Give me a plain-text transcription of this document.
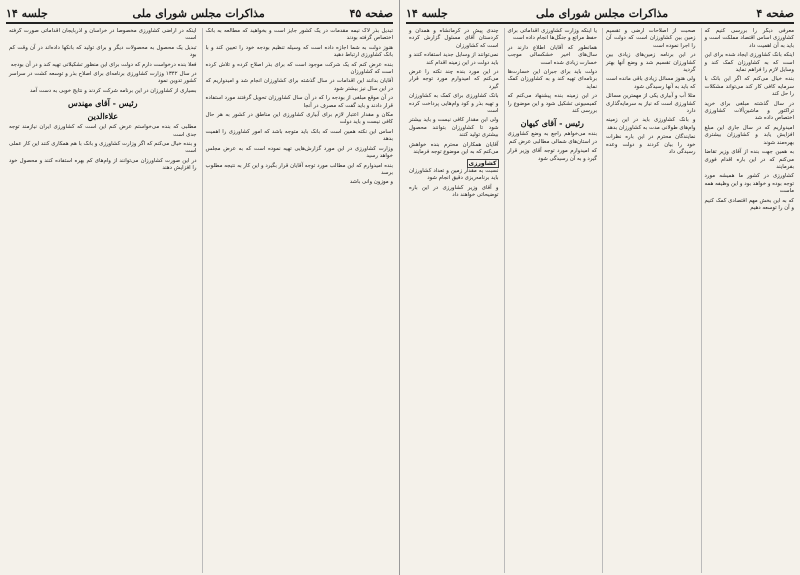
صفحه ۴۵
مذاکرات مجلس شورای ملی
جلسه ۱۴

تبدیل بذر لاک نیمه مقدمات در یک کشور جایز است و بخواهید که مطالعه به بانک اختصاص گرفته بودند

هنوز دولت به شما اجازه داده است که وسیله تنظیم بودجه خود را تعیین کند و با بانک کشاورزی ارتباط دهید

بنده عرض کنم که یک شرکت موجود است که برای بذر اصلاح کرده و تلاش کرده است که کشاورزان

آقایان بدانند این اقدامات در سال گذشته برای کشاورزان انجام شد و امیدواریم که در این سال نیز بیشتر شود

در آن موقع مبلغی از بودجه را که در آن سال کشاورزان تحویل گرفتند مورد استفاده قرار دادند و باید گفت که مصرف در آنجا

مکان و مقدار اعتبار لازم برای آبیاری کشاورزی این مناطق در کشور به هر حال کافی نیست و باید دولت

اساس این نکته همین است که بانک باید متوجه باشد که امور کشاورزی را اهمیت بدهد

وزارت کشاورزی در این مورد گزارش‌هایی تهیه نموده است که به عرض مجلس خواهد رسید

بنده امیدوارم که این مطالب مورد توجه آقایان قرار بگیرد و این کار به نتیجه مطلوب برسد

و موزون وانی باشد

اینکه در اراضی کشاورزی مخصوصا در خراسان و آذربایجان اقداماتی صورت گرفته است

تبدیل یک محصول به محصولات دیگر و برای تولید که بانکها داده‌اند در آن وقت کم بود

فعلا بنده درخواست دارم که دولت برای این منظور تشکیلاتی تهیه کند و در آن بودجه

در سال ۱۳۴۲ وزارت کشاورزی برنامه‌ای برای اصلاح بذر و توسعه کشت در سراسر کشور تدوین نمود

بسیاری از کشاورزان در این برنامه شرکت کردند و نتایج خوبی به دست آمد

رئیس - آقای مهندس
علاء‌الدین

مطلبی که بنده می‌خواستم عرض کنم این است که کشاورزی ایران نیازمند توجه جدی است

و بنده خیال می‌کنم که اگر وزارت کشاورزی و بانک با هم همکاری کنند این کار عملی است

در این صورت کشاورزان می‌توانند از وام‌های کم بهره استفاده کنند و محصول خود را افزایش دهند

صفحه ۴
مذاکرات مجلس شورای ملی
جلسه ۱۴

معرفی دیگر را بررسی کنیم که کشاورزی اساس اقتصاد مملکت است و باید به آن اهمیت داد

اینکه بانک کشاورزی ایجاد شده برای این است که به کشاورزان کمک کند و وسایل لازم را فراهم نماید

بنده خیال می‌کنم که اگر این بانک با سرمایه کافی کار کند می‌تواند مشکلات را حل کند

در سال گذشته مبلغی برای خرید تراکتور و ماشین‌آلات کشاورزی اختصاص داده شد

امیدواریم که در سال جاری این مبلغ افزایش یابد و کشاورزان بیشتری بهره‌مند شوند

به همین جهت بنده از آقای وزیر تقاضا می‌کنم که در این باره اقدام فوری بفرمایند

کشاورزی در کشور ما همیشه مورد توجه بوده و خواهد بود و این وظیفه همه ماست

که به این بخش مهم اقتصادی کمک کنیم و آن را توسعه دهیم

صحبت از اصلاحات ارضی و تقسیم زمین بین کشاورزان است که دولت آن را اجرا نموده است

در این برنامه زمین‌های زیادی بین کشاورزان تقسیم شد و وضع آنها بهتر گردید

ولی هنوز مسائل زیادی باقی مانده است که باید به آنها رسیدگی شود

مثلا آب و آبیاری یکی از مهمترین مسائل کشاورزی است که نیاز به سرمایه‌گذاری دارد

و بانک کشاورزی باید در این زمینه وام‌های طولانی مدت به کشاورزان بدهد

نمایندگان محترم در این باره نظرات خود را بیان کردند و دولت وعده رسیدگی داد

یا اینکه وزارت کشاورزی اقداماتی برای حفظ مراتع و جنگل‌ها انجام داده است

همانطور که آقایان اطلاع دارند در سال‌های اخیر خشکسالی موجب خسارت زیادی شده است

دولت باید برای جبران این خسارت‌ها برنامه‌ای تهیه کند و به کشاورزان کمک نماید

در این زمینه بنده پیشنهاد می‌کنم که کمیسیونی تشکیل شود و این موضوع را بررسی کند

رئیس - آقای کیهان

بنده می‌خواهم راجع به وضع کشاورزی در استان‌های شمالی مطالبی عرض کنم

که امیدوارم مورد توجه آقای وزیر قرار گیرد و به آن رسیدگی شود

چندی پیش در کرمانشاه و همدان و کردستان آقای مسئول گزارش کرده است که کشاورزان

نمی‌توانند از وسایل جدید استفاده کنند و باید دولت در این زمینه اقدام کند

در این مورد بنده چند نکته را عرض می‌کنم که امیدوارم مورد توجه قرار گیرد

بانک کشاورزی برای کمک به کشاورزان و تهیه بذر و کود وام‌هایی پرداخت کرده است

ولی این مقدار کافی نیست و باید بیشتر شود تا کشاورزان بتوانند محصول بیشتری تولید کنند

آقایان همکاران محترم بنده خواهش می‌کنم که به این موضوع توجه فرمایند

کشاورزی

نسبت به مقدار زمین و تعداد کشاورزان باید برنامه‌ریزی دقیق انجام شود

و آقای وزیر کشاورزی در این باره توضیحاتی خواهند داد
